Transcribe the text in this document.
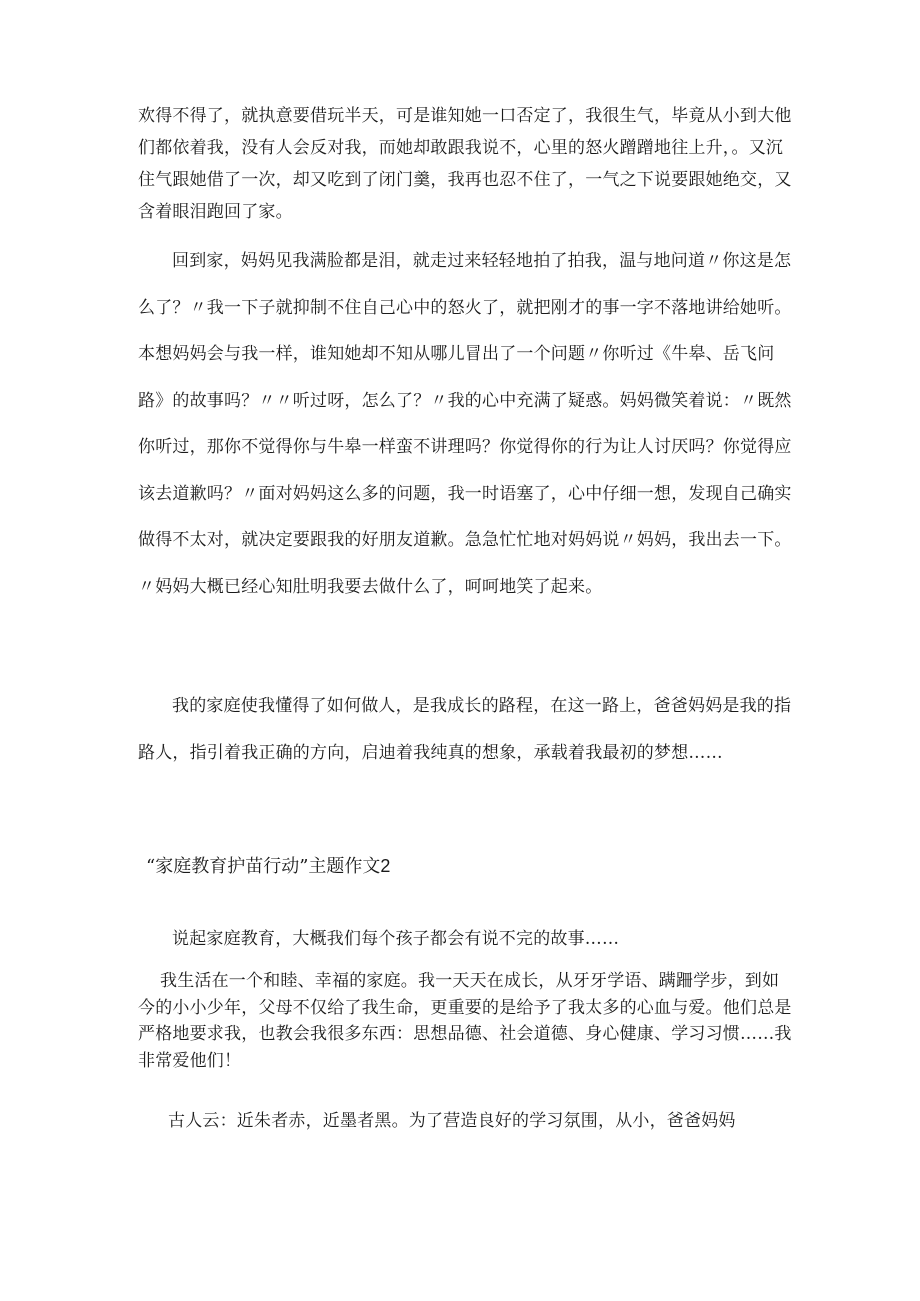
欢得不得了，就执意要借玩半天，可是谁知她一口否定了，我很生气，毕竟从小到大他们都依着我，没有人会反对我，而她却敢跟我说不，心里的怒火蹭蹭地往上升，。又沉住气跟她借了一次，却又吃到了闭门羹，我再也忍不住了，一气之下说要跟她绝交，又含着眼泪跑回了家。

回到家，妈妈见我满脸都是泪，就走过来轻轻地拍了拍我，温与地问道〃你这是怎么了？〃我一下子就抑制不住自己心中的怒火了，就把刚才的事一字不落地讲给她听。本想妈妈会与我一样，谁知她却不知从哪儿冒出了一个问题〃你听过《牛皋、岳飞问路》的故事吗？〃〃听过呀，怎么了？〃我的心中充满了疑惑。妈妈微笑着说：〃既然你听过，那你不觉得你与牛皋一样蛮不讲理吗？你觉得你的行为让人讨厌吗？你觉得应该去道歉吗？〃面对妈妈这么多的问题，我一时语塞了，心中仔细一想，发现自己确实做得不太对，就决定要跟我的好朋友道歉。急急忙忙地对妈妈说〃妈妈，我出去一下。〃妈妈大概已经心知肚明我要去做什么了，呵呵地笑了起来。

我的家庭使我懂得了如何做人，是我成长的路程，在这一路上，爸爸妈妈是我的指路人，指引着我正确的方向，启迪着我纯真的想象，承载着我最初的梦想……

“家庭教育护苗行动”主题作文2

说起家庭教育，大概我们每个孩子都会有说不完的故事……

我生活在一个和睦、幸福的家庭。我一天天在成长，从牙牙学语、蹒跚学步，到如今的小小少年，父母不仅给了我生命，更重要的是给予了我太多的心血与爱。他们总是严格地要求我，也教会我很多东西：思想品德、社会道德、身心健康、学习习惯……我非常爱他们！

古人云：近朱者赤，近墨者黑。为了营造良好的学习氛围，从小，爸爸妈妈
